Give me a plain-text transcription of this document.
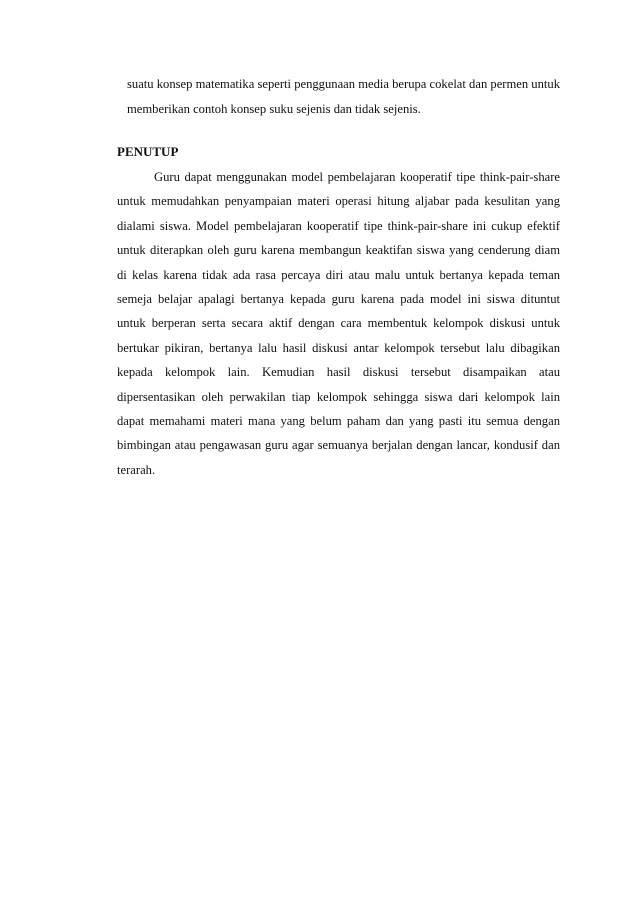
suatu konsep matematika seperti penggunaan media berupa cokelat dan permen untuk memberikan contoh konsep suku sejenis dan tidak sejenis.

PENUTUP

Guru dapat menggunakan model pembelajaran kooperatif tipe think-pair-share untuk memudahkan penyampaian materi operasi hitung aljabar pada kesulitan yang dialami siswa. Model pembelajaran kooperatif tipe think-pair-share ini cukup efektif untuk diterapkan oleh guru karena membangun keaktifan siswa yang cenderung diam di kelas karena tidak ada rasa percaya diri atau malu untuk bertanya kepada teman semeja belajar apalagi bertanya kepada guru karena pada model ini siswa dituntut untuk berperan serta secara aktif dengan cara membentuk kelompok diskusi untuk bertukar pikiran, bertanya lalu hasil diskusi antar kelompok tersebut lalu dibagikan kepada kelompok lain. Kemudian hasil diskusi tersebut disampaikan atau dipersentasikan oleh perwakilan tiap kelompok sehingga siswa dari kelompok lain dapat memahami materi mana yang belum paham dan yang pasti itu semua dengan bimbingan atau pengawasan guru agar semuanya berjalan dengan lancar, kondusif dan terarah.
